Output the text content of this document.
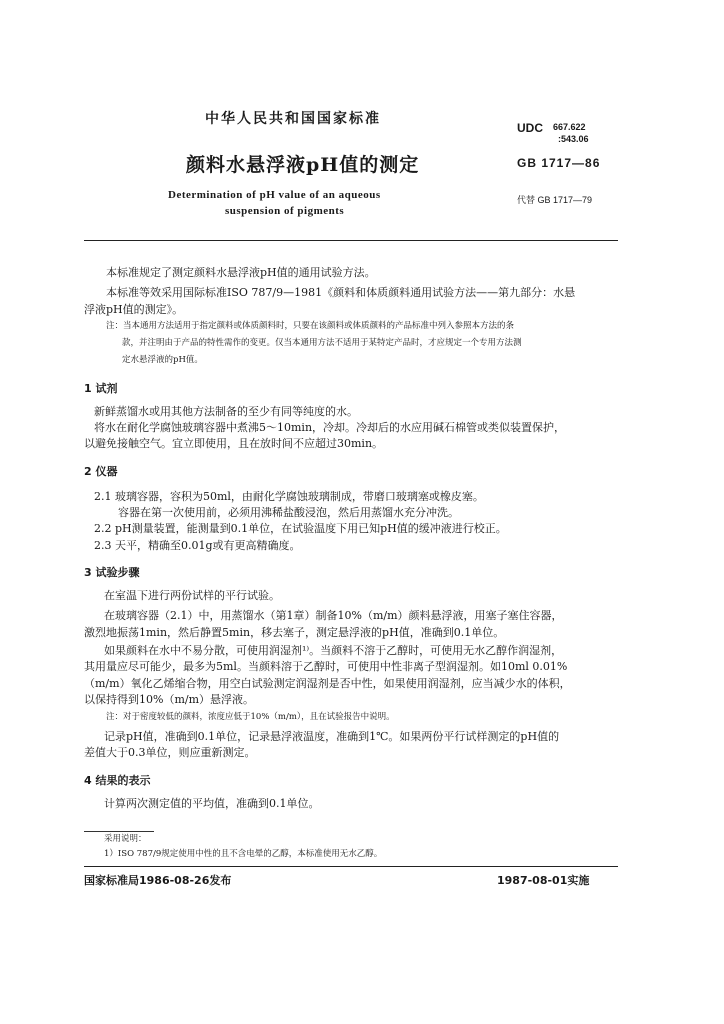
中华人民共和国国家标准
颜料水悬浮液pH值的测定
Determination of pH value of an aqueous
suspension of pigments
UDC 667.622
:543.06
GB 1717—86
代替 GB 1717—79
本标准规定了测定颜料水悬浮液pH值的通用试验方法。
本标准等效采用国际标准ISO 787/9—1981《颜料和体质颜料通用试验方法——第九部分：水悬
浮液pH值的测定》。
注：当本通用方法适用于指定颜料或体质颜料时，只要在该颜料或体质颜料的产品标准中列入参照本方法的条
款，并注明由于产品的特性需作的变更。仅当本通用方法不适用于某特定产品时，才应规定一个专用方法测
定水悬浮液的pH值。
1 试剂
新鲜蒸馏水或用其他方法制备的至少有同等纯度的水。
将水在耐化学腐蚀玻璃容器中煮沸5～10min，冷却。冷却后的水应用碱石棉管或类似装置保护，
以避免接触空气。宜立即使用，且在放时间不应超过30min。
2 仪器
2.1 玻璃容器，容积为50ml，由耐化学腐蚀玻璃制成，带磨口玻璃塞或橡皮塞。
容器在第一次使用前，必须用沸稀盐酸浸泡，然后用蒸馏水充分冲洗。
2.2 pH测量装置，能测量到0.1单位，在试验温度下用已知pH值的缓冲液进行校正。
2.3 天平，精确至0.01g或有更高精确度。
3 试验步骤
在室温下进行两份试样的平行试验。
在玻璃容器（2.1）中，用蒸馏水（第1章）制备10%（m/m）颜料悬浮液，用塞子塞住容器，
激烈地振荡1min，然后静置5min，移去塞子，测定悬浮液的pH值，准确到0.1单位。
如果颜料在水中不易分散，可使用润湿剂¹⁾。当颜料不溶于乙醇时，可使用无水乙醇作润湿剂，
其用量应尽可能少，最多为5ml。当颜料溶于乙醇时，可使用中性非离子型润湿剂。如10ml 0.01%
（m/m）氧化乙烯缩合物，用空白试验测定润湿剂是否中性，如果使用润湿剂，应当减少水的体积，
以保持得到10%（m/m）悬浮液。
注：对于密度较低的颜料，浓度应低于10%（m/m），且在试验报告中说明。
记录pH值，准确到0.1单位，记录悬浮液温度，准确到1℃。如果两份平行试样测定的pH值的
差值大于0.3单位，则应重新测定。
4 结果的表示
计算两次测定值的平均值，准确到0.1单位。
采用说明：
1）ISO 787/9规定使用中性的且不含电晕的乙醇，本标准使用无水乙醇。
国家标准局1986-08-26发布	1987-08-01实施
